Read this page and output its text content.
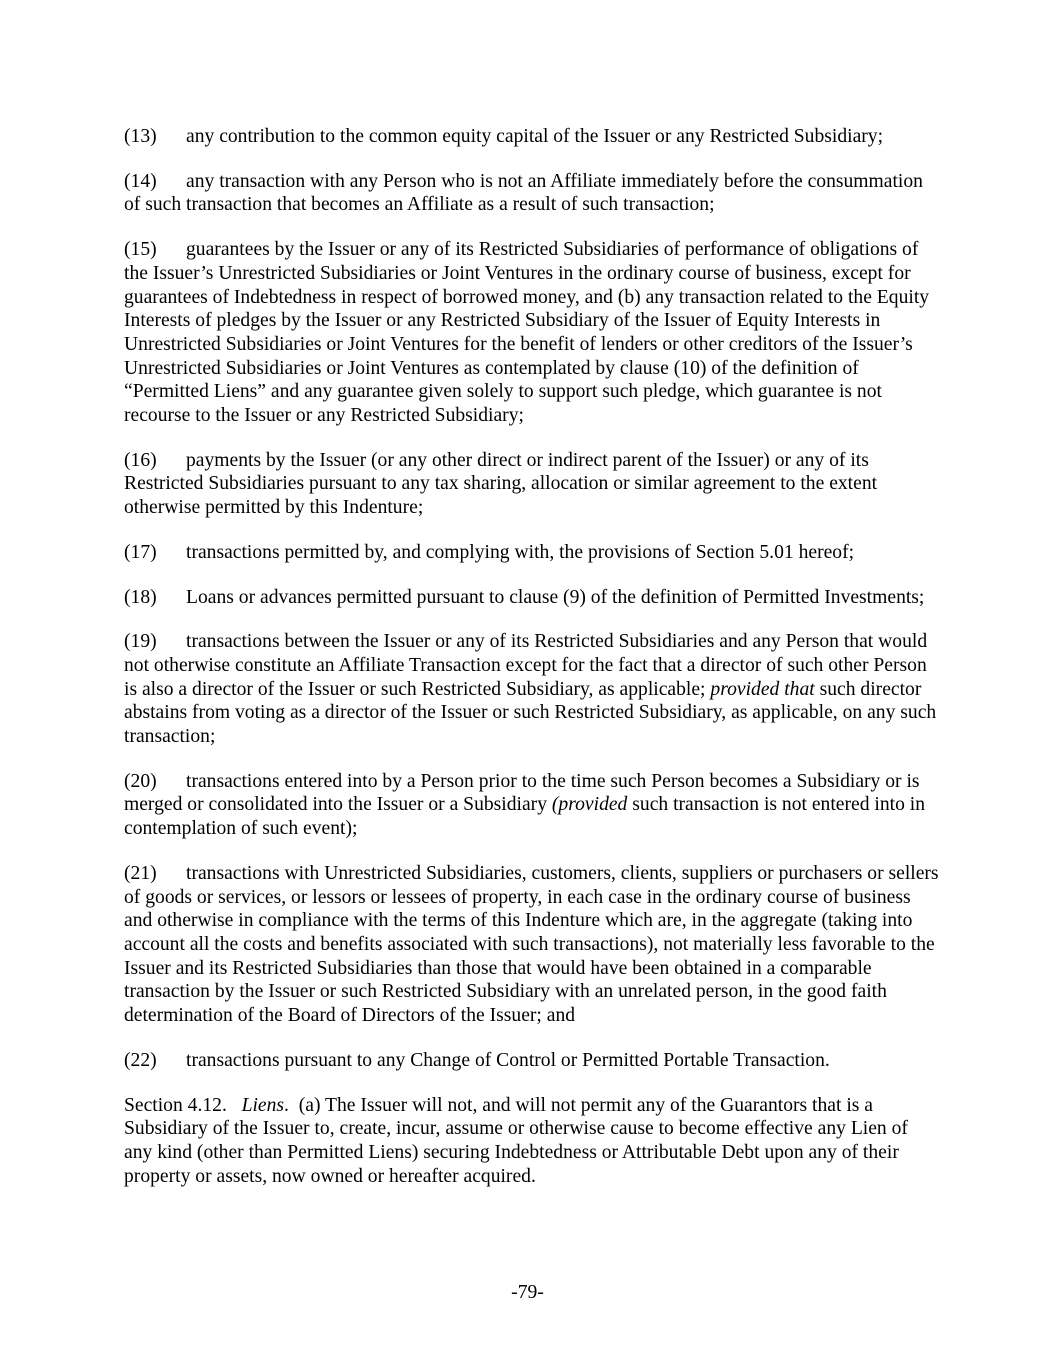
(13) any contribution to the common equity capital of the Issuer or any Restricted Subsidiary;

(14) any transaction with any Person who is not an Affiliate immediately before the consummation of such transaction that becomes an Affiliate as a result of such transaction;

(15) guarantees by the Issuer or any of its Restricted Subsidiaries of performance of obligations of the Issuer’s Unrestricted Subsidiaries or Joint Ventures in the ordinary course of business, except for guarantees of Indebtedness in respect of borrowed money, and (b) any transaction related to the Equity Interests of pledges by the Issuer or any Restricted Subsidiary of the Issuer of Equity Interests in Unrestricted Subsidiaries or Joint Ventures for the benefit of lenders or other creditors of the Issuer’s Unrestricted Subsidiaries or Joint Ventures as contemplated by clause (10) of the definition of “Permitted Liens” and any guarantee given solely to support such pledge, which guarantee is not recourse to the Issuer or any Restricted Subsidiary;

(16) payments by the Issuer (or any other direct or indirect parent of the Issuer) or any of its Restricted Subsidiaries pursuant to any tax sharing, allocation or similar agreement to the extent otherwise permitted by this Indenture;

(17) transactions permitted by, and complying with, the provisions of Section 5.01 hereof;

(18) Loans or advances permitted pursuant to clause (9) of the definition of Permitted Investments;

(19) transactions between the Issuer or any of its Restricted Subsidiaries and any Person that would not otherwise constitute an Affiliate Transaction except for the fact that a director of such other Person is also a director of the Issuer or such Restricted Subsidiary, as applicable; provided that such director abstains from voting as a director of the Issuer or such Restricted Subsidiary, as applicable, on any such transaction;

(20) transactions entered into by a Person prior to the time such Person becomes a Subsidiary or is merged or consolidated into the Issuer or a Subsidiary (provided such transaction is not entered into in contemplation of such event);

(21) transactions with Unrestricted Subsidiaries, customers, clients, suppliers or purchasers or sellers of goods or services, or lessors or lessees of property, in each case in the ordinary course of business and otherwise in compliance with the terms of this Indenture which are, in the aggregate (taking into account all the costs and benefits associated with such transactions), not materially less favorable to the Issuer and its Restricted Subsidiaries than those that would have been obtained in a comparable transaction by the Issuer or such Restricted Subsidiary with an unrelated person, in the good faith determination of the Board of Directors of the Issuer; and

(22) transactions pursuant to any Change of Control or Permitted Portable Transaction.

Section 4.12. Liens.  (a) The Issuer will not, and will not permit any of the Guarantors that is a Subsidiary of the Issuer to, create, incur, assume or otherwise cause to become effective any Lien of any kind (other than Permitted Liens) securing Indebtedness or Attributable Debt upon any of their property or assets, now owned or hereafter acquired.

-79-
